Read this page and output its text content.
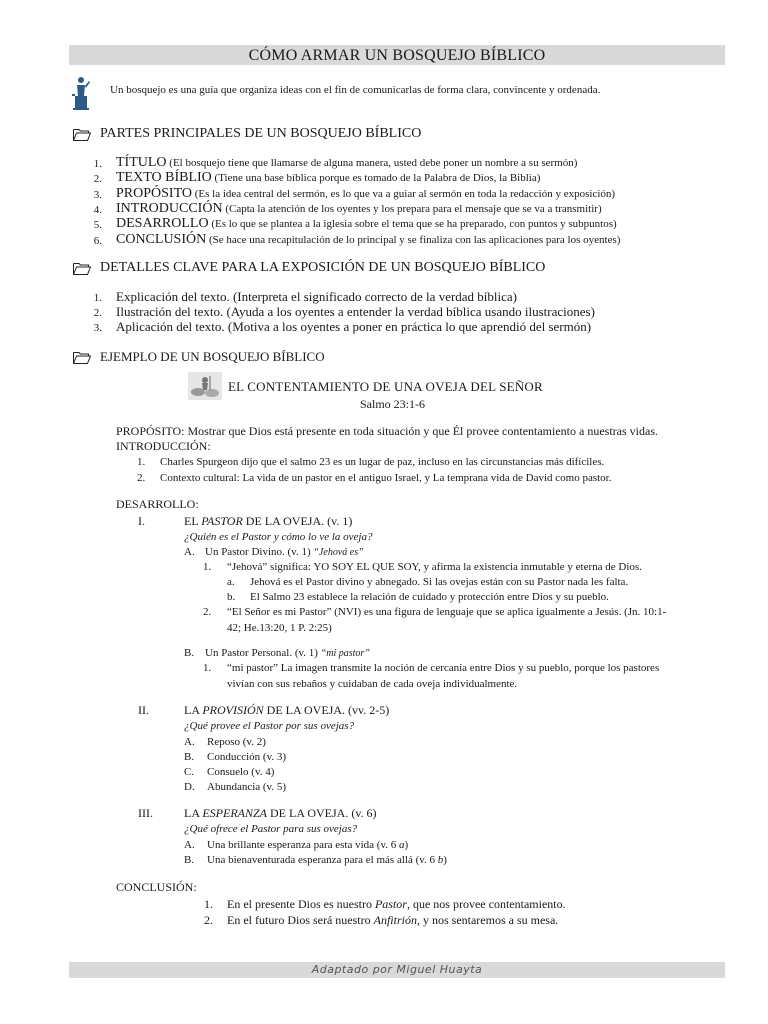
CÓMO ARMAR UN BOSQUEJO BÍBLICO
Un bosquejo es una guía que organiza ideas con el fin de comunicarlas de forma clara, convincente y ordenada.
PARTES PRINCIPALES DE UN BOSQUEJO BÍBLICO
1. TÍTULO (El bosquejo tiene que llamarse de alguna manera, usted debe poner un nombre a su sermón)
2. TEXTO BÍBLIO (Tiene una base bíblica porque es tomado de la Palabra de Dios, la Biblia)
3. PROPÓSITO (Es la idea central del sermón, es lo que va a guiar al sermón en toda la redacción y exposición)
4. INTRODUCCIÓN (Capta la atención de los oyentes y los prepara para el mensaje que se va a transmitir)
5. DESARROLLO (Es lo que se plantea a la iglesia sobre el tema que se ha preparado, con puntos y subpuntos)
6. CONCLUSIÓN (Se hace una recapitulación de lo principal y se finaliza con las aplicaciones para los oyentes)
DETALLES CLAVE PARA LA EXPOSICIÓN DE UN BOSQUEJO BÍBLICO
1. Explicación del texto. (Interpreta el significado correcto de la verdad bíblica)
2. Ilustración del texto. (Ayuda a los oyentes a entender la verdad bíblica usando ilustraciones)
3. Aplicación del texto. (Motiva a los oyentes a poner en práctica lo que aprendió del sermón)
EJEMPLO DE UN BOSQUEJO BÍBLICO
EL CONTENTAMIENTO DE UNA OVEJA DEL SEÑOR
Salmo 23:1-6
PROPÓSITO: Mostrar que Dios está presente en toda situación y que Él provee contentamiento a nuestras vidas.
INTRODUCCIÓN:
1. Charles Spurgeon dijo que el salmo 23 es un lugar de paz, incluso en las circunstancias más difíciles.
2. Contexto cultural: La vida de un pastor en el antiguo Israel, y La temprana vida de David como pastor.
DESARROLLO:
I.	EL PASTOR DE LA OVEJA. (v. 1)
¿Quién es el Pastor y cómo lo ve la oveja?
A. Un Pastor Divino. (v. 1) “Jehová es”
1. “Jehová” significa: YO SOY EL QUE SOY, y afirma la existencia inmutable y eterna de Dios.
a. Jehová es el Pastor divino y abnegado. Si las ovejas están con su Pastor nada les falta.
b. El Salmo 23 establece la relación de cuidado y protección entre Dios y su pueblo.
2. “El Señor es mi Pastor” (NVI) es una figura de lenguaje que se aplica igualmente a Jesús. (Jn. 10:1-
42; He.13:20, 1 P. 2:25)
B. Un Pastor Personal. (v. 1) “mi pastor”
1. “mi pastor” La imagen transmite la noción de cercanía entre Dios y su pueblo, porque los pastores
vivían con sus rebaños y cuidaban de cada oveja individualmente.
II.	LA PROVISIÓN DE LA OVEJA. (vv. 2-5)
¿Qué provee el Pastor por sus ovejas?
A. Reposo (v. 2)
B. Conducción (v. 3)
C. Consuelo (v. 4)
D. Abundancia (v. 5)
III.	LA ESPERANZA DE LA OVEJA. (v. 6)
¿Qué ofrece el Pastor para sus ovejas?
A. Una brillante esperanza para esta vida (v. 6 a)
B. Una bienaventurada esperanza para el más allá (v. 6 b)
CONCLUSIÓN:
1. En el presente Dios es nuestro Pastor, que nos provee contentamiento.
2. En el futuro Dios será nuestro Anfitrión, y nos sentaremos a su mesa.
Adaptado por Miguel Huayta
